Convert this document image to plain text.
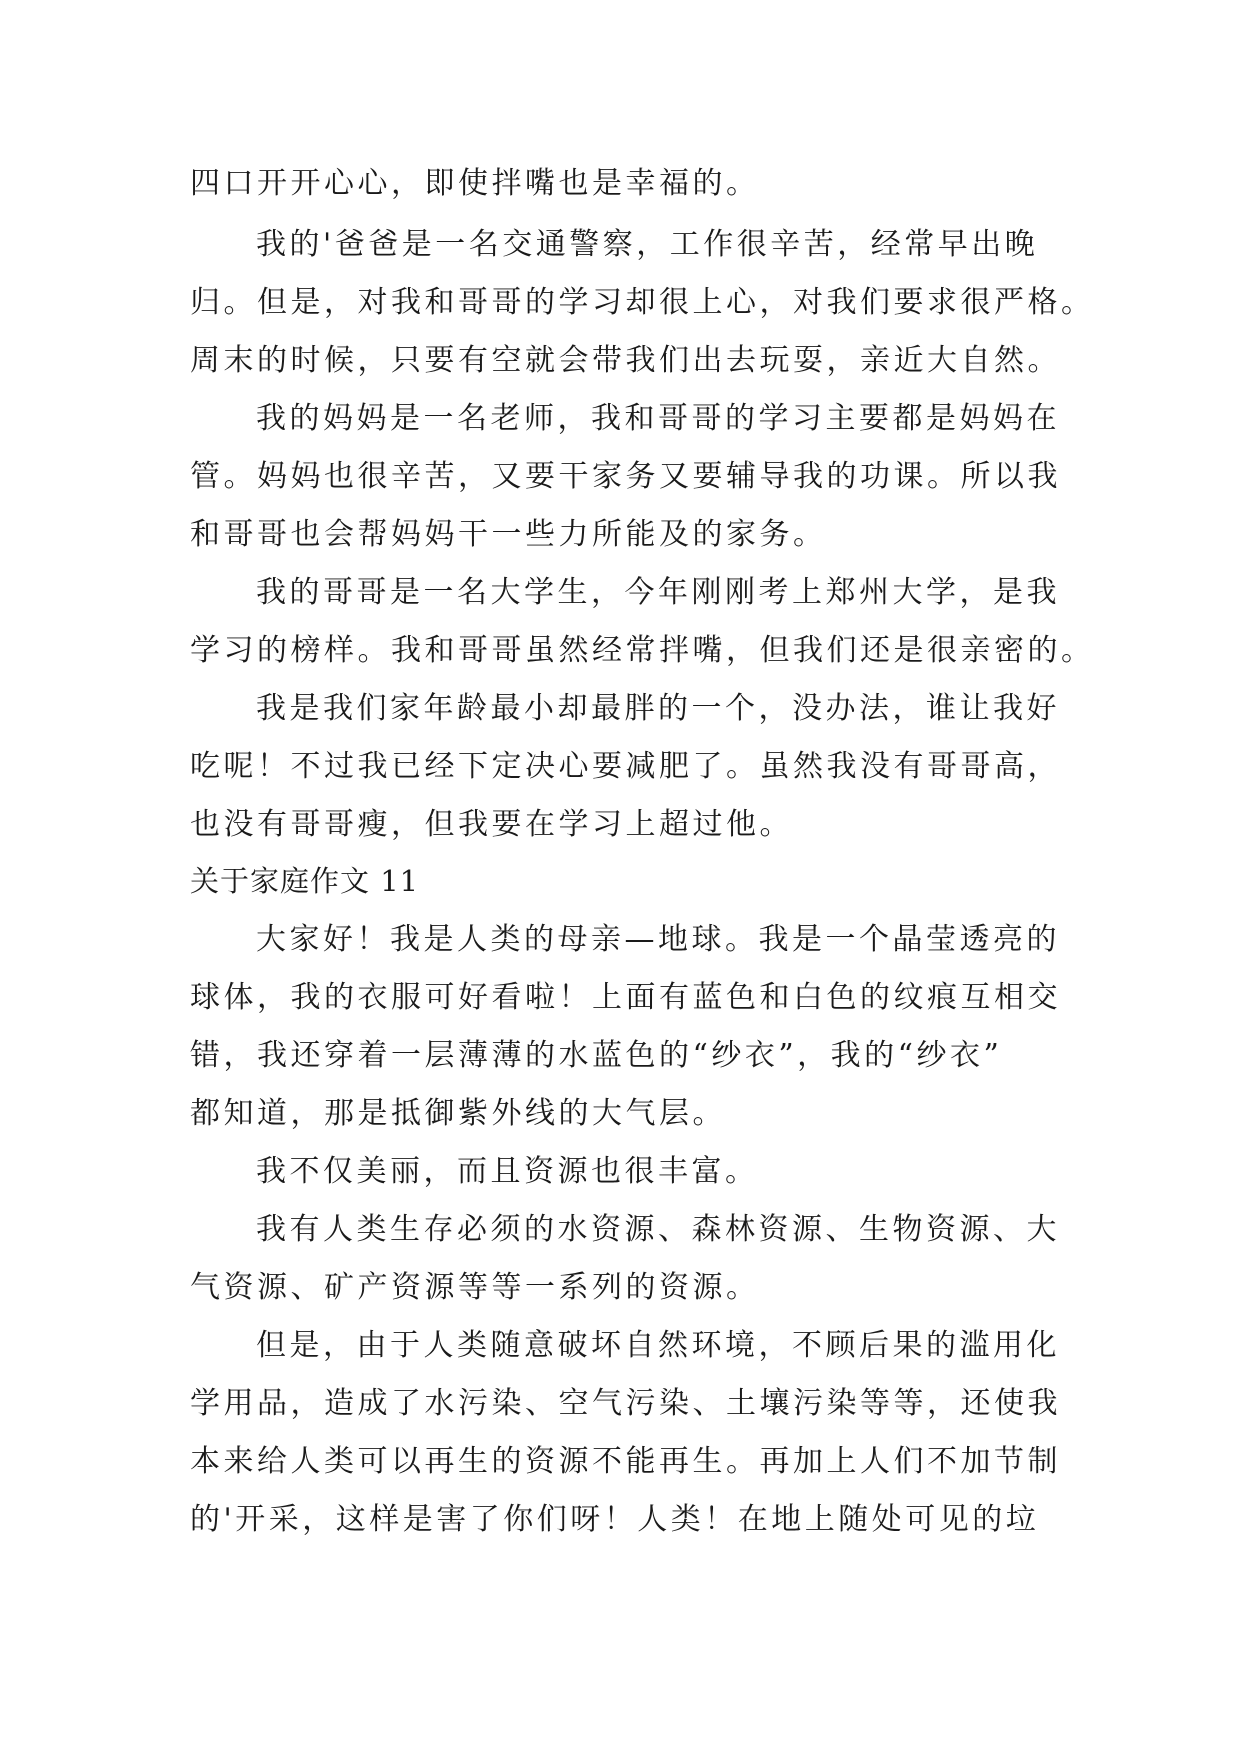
四口开开心心，即使拌嘴也是幸福的。
我的'爸爸是一名交通警察，工作很辛苦，经常早出晚
归。但是，对我和哥哥的学习却很上心，对我们要求很严格。
周末的时候，只要有空就会带我们出去玩耍，亲近大自然。
我的妈妈是一名老师，我和哥哥的学习主要都是妈妈在
管。妈妈也很辛苦，又要干家务又要辅导我的功课。所以我
和哥哥也会帮妈妈干一些力所能及的家务。
我的哥哥是一名大学生，今年刚刚考上郑州大学，是我
学习的榜样。我和哥哥虽然经常拌嘴，但我们还是很亲密的。
我是我们家年龄最小却最胖的一个，没办法，谁让我好
吃呢！不过我已经下定决心要减肥了。虽然我没有哥哥高，
也没有哥哥瘦，但我要在学习上超过他。
关于家庭作文 11
大家好！我是人类的母亲—地球。我是一个晶莹透亮的
球体，我的衣服可好看啦！上面有蓝色和白色的纹痕互相交
错，我还穿着一层薄薄的水蓝色的“纱衣”，我的“纱衣”
都知道，那是抵御紫外线的大气层。
我不仅美丽，而且资源也很丰富。
我有人类生存必须的水资源、森林资源、生物资源、大
气资源、矿产资源等等一系列的资源。
但是，由于人类随意破坏自然环境，不顾后果的滥用化
学用品，造成了水污染、空气污染、土壤污染等等，还使我
本来给人类可以再生的资源不能再生。再加上人们不加节制
的'开采，这样是害了你们呀！人类！在地上随处可见的垃
